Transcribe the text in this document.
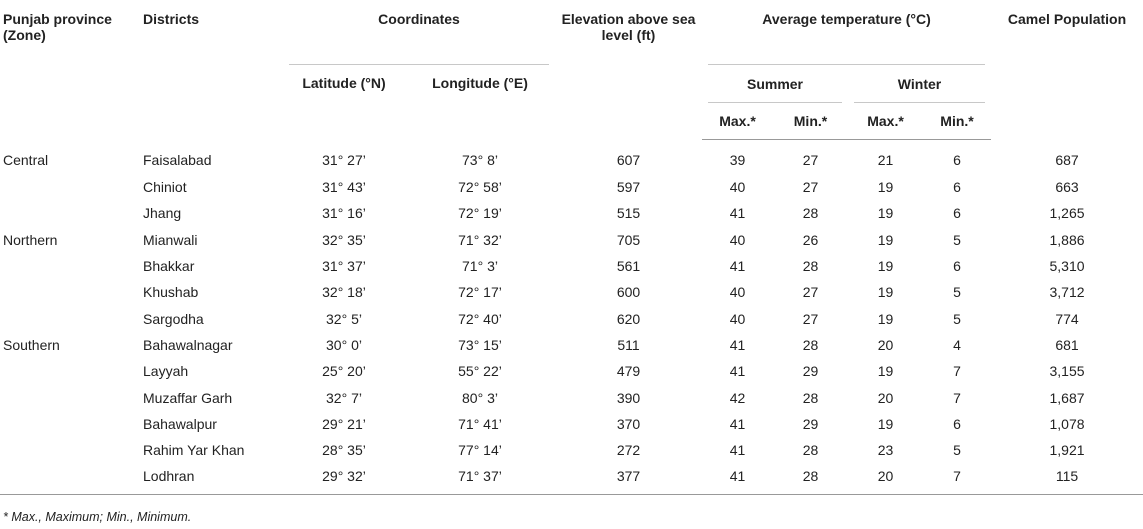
Punjab province (Zone)	Districts	Coordinates		Elevation above sea level (ft)	Average temperature (°C)				Camel Population
		Latitude (°N)	Longitude (°E)		Summer		Winter		
					Max.*	Min.*	Max.*	Min.*	
Central	Faisalabad	31° 27’	73° 8’	607	39	27	21	6	687
	Chiniot	31° 43’	72° 58’	597	40	27	19	6	663
	Jhang	31° 16’	72° 19’	515	41	28	19	6	1,265
Northern	Mianwali	32° 35’	71° 32’	705	40	26	19	5	1,886
	Bhakkar	31° 37’	71° 3’	561	41	28	19	6	5,310
	Khushab	32° 18’	72° 17’	600	40	27	19	5	3,712
	Sargodha	32° 5’	72° 40’	620	40	27	19	5	774
Southern	Bahawalnagar	30° 0’	73° 15’	511	41	28	20	4	681
	Layyah	25° 20’	55° 22’	479	41	29	19	7	3,155
	Muzaffar Garh	32° 7’	80° 3’	390	42	28	20	7	1,687
	Bahawalpur	29° 21’	71° 41’	370	41	29	19	6	1,078
	Rahim Yar Khan	28° 35’	77° 14’	272	41	28	23	5	1,921
	Lodhran	29° 32’	71° 37’	377	41	28	20	7	115
* Max., Maximum; Min., Minimum.
